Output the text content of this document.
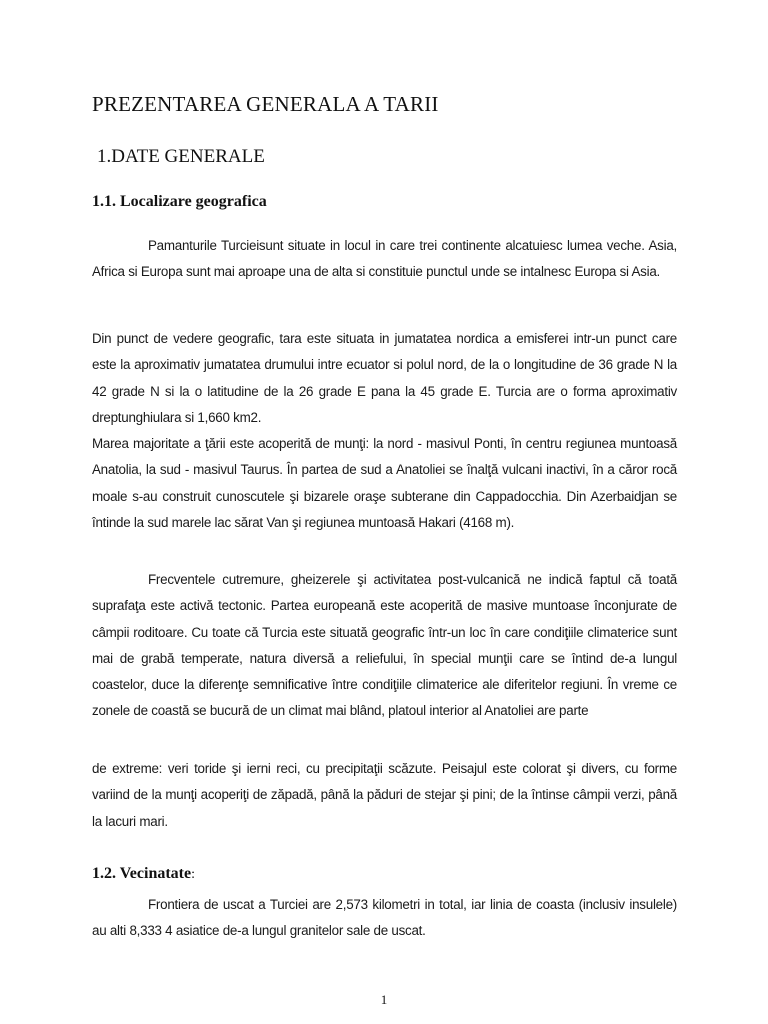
PREZENTAREA GENERALA A TARII
1.DATE GENERALE
1.1. Localizare geografica

Pamanturile Turcieisunt situate in locul in care trei continente alcatuiesc lumea veche. Asia, Africa si Europa sunt mai aproape una de alta si constituie punctul unde se intalnesc Europa si Asia.

Din punct de vedere geografic, tara este situata in jumatatea nordica a emisferei intr-un punct care este la aproximativ jumatatea drumului intre ecuator si polul nord, de la o longitudine de 36 grade N la 42 grade N si la o latitudine de la 26 grade E pana la 45 grade E. Turcia are o forma aproximativ dreptunghiulara si 1,660 km2.

Marea majoritate a ţării este acoperită de munţi: la nord - masivul Ponti, în centru regiunea muntoasă Anatolia, la sud - masivul Taurus. În partea de sud a Anatoliei se înalţă vulcani inactivi, în a căror rocă moale s-au construit cunoscutele şi bizarele oraşe subterane din Cappadocchia. Din Azerbaidjan se întinde la sud marele lac sărat Van şi regiunea muntoasă Hakari (4168 m).

Frecventele cutremure, gheizerele şi activitatea post-vulcanică ne indică faptul că toată suprafaţa este activă tectonic. Partea europeană este acoperită de masive muntoase înconjurate de câmpii roditoare. Cu toate că Turcia este situată geografic într-un loc în care condiţiile climaterice sunt mai de grabă temperate, natura diversă a reliefului, în special munţii care se întind de-a lungul coastelor, duce la diferenţe semnificative între condiţiile climaterice ale diferitelor regiuni. În vreme ce zonele de coastă se bucură de un climat mai blând, platoul interior al Anatoliei are parte

de extreme: veri toride şi ierni reci, cu precipitaţii scăzute. Peisajul este colorat şi divers, cu forme variind de la munţi acoperiţi de zăpadă, până la păduri de stejar şi pini; de la întinse câmpii verzi, până la lacuri mari.

1.2. Vecinatate:

Frontiera de uscat a Turciei are 2,573 kilometri in total, iar linia de coasta (inclusiv insulele) au alti 8,333 4 asiatice de-a lungul granitelor sale de uscat.

1
